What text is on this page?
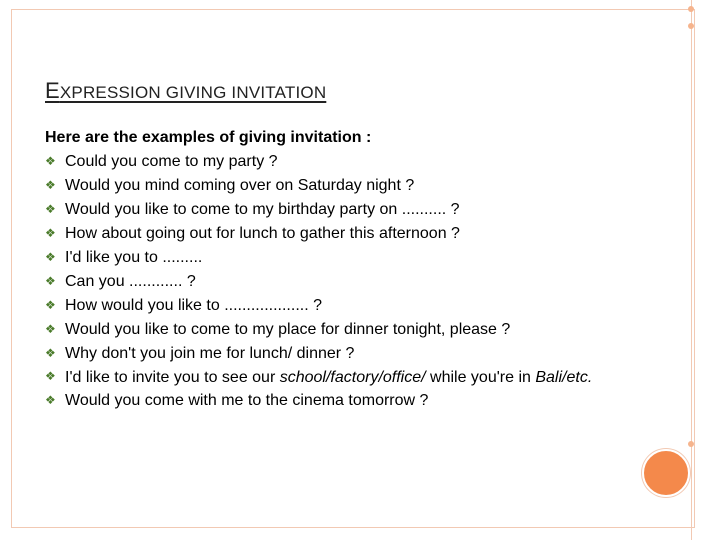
EXPRESSION GIVING INVITATION
Here are the examples of giving invitation :
❖ Could you come to my party ?
❖ Would you mind coming over on Saturday night ?
❖ Would you like to come to my birthday party on .......... ?
❖ How about going out for lunch to gather this afternoon ?
❖ I'd like you to .........
❖ Can you ............ ?
❖ How would you like to ................... ?
❖ Would you like to come to my place for dinner tonight, please ?
❖ Why don't you join me for lunch/ dinner ?
❖ I'd like to invite you to see our school/factory/office/ while you're in Bali/etc.
❖ Would you come with me to the cinema tomorrow ?
